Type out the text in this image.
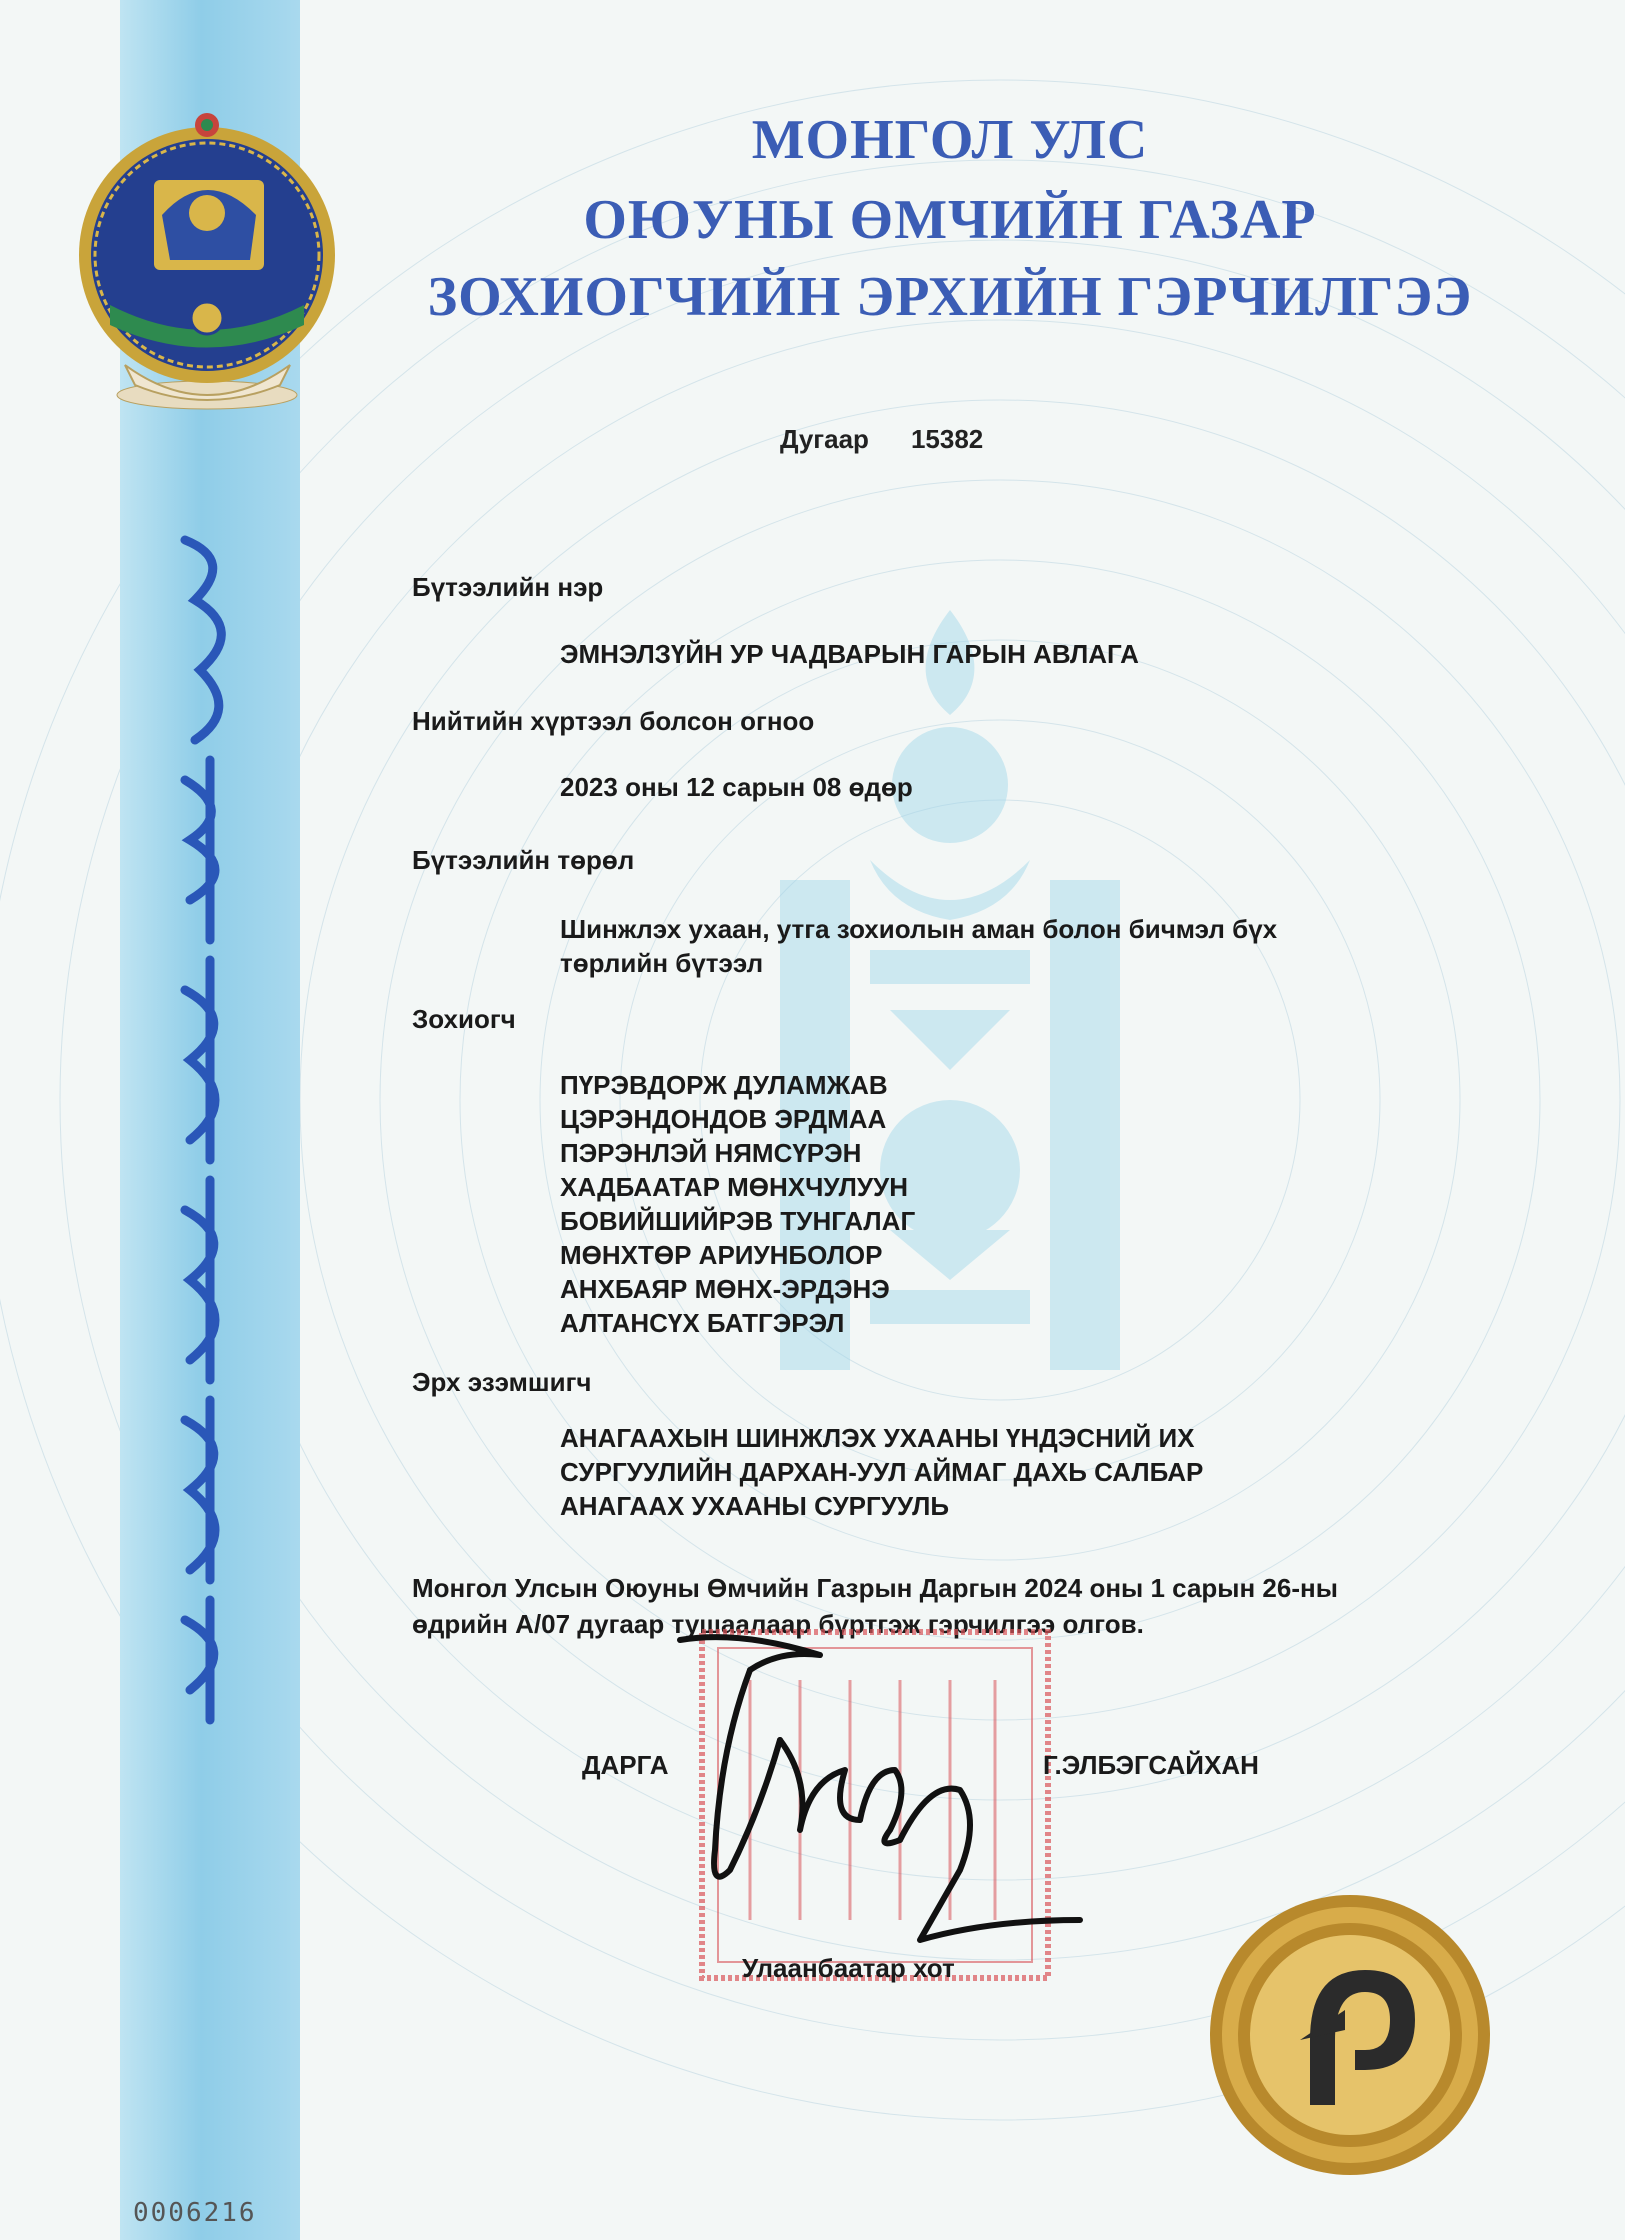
МОНГОЛ УЛС
ОЮУНЫ ӨМЧИЙН ГАЗАР
ЗОХИОГЧИЙН ЭРХИЙН ГЭРЧИЛГЭЭ
Дугаар 15382
Бүтээлийн нэр
ЭМНЭЛЗҮЙН УР ЧАДВАРЫН ГАРЫН АВЛАГА
Нийтийн хүртээл болсон огноо
2023 оны 12 сарын 08 өдөр
Бүтээлийн төрөл
Шинжлэх ухаан, утга зохиолын аман болон бичмэл бүх
төрлийн бүтээл
Зохиогч
ПҮРЭВДОРЖ ДУЛАМЖАВ
ЦЭРЭНДОНДОВ ЭРДМАА
ПЭРЭНЛЭЙ НЯМСҮРЭН
ХАДБААТАР МӨНХЧУЛУУН
БОВИЙШИЙРЭВ ТУНГАЛАГ
МӨНХТӨР АРИУНБОЛОР
АНХБАЯР МӨНХ-ЭРДЭНЭ
АЛТАНСҮХ БАТГЭРЭЛ
Эрх эзэмшигч
АНАГААХЫН ШИНЖЛЭХ УХААНЫ ҮНДЭСНИЙ ИХ
СУРГУУЛИЙН ДАРХАН-УУЛ АЙМАГ ДАХЬ САЛБАР
АНАГААХ УХААНЫ СУРГУУЛЬ
Монгол Улсын Оюуны Өмчийн Газрын Даргын 2024 оны 1 сарын 26-ны
өдрийн А/07 дугаар тушаалаар бүртгэж гэрчилгээ олгов.
ДАРГА	Г.ЭЛБЭГСАЙХАН
Улаанбаатар хот
0006216
